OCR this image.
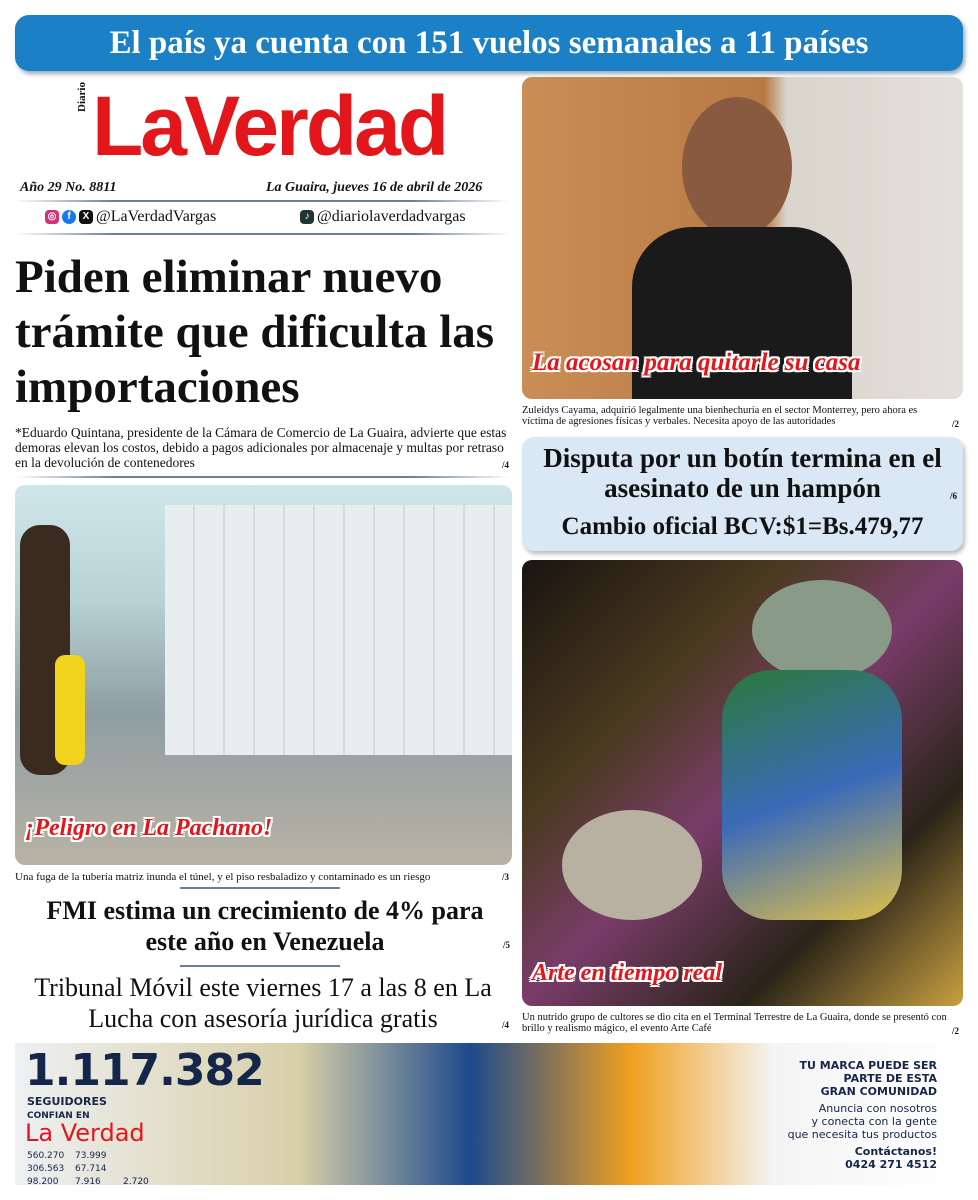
El país ya cuenta con 151 vuelos semanales a 11 países
Diario LaVerdad
Año 29 No. 8811	La Guaira, jueves 16 de abril de 2026
◎	f	X @LaVerdadVargas	♪ @diariolaverdadvargas
Piden eliminar nuevo trámite que dificulta las importaciones
*Eduardo Quintana, presidente de la Cámara de Comercio de La Guaira, advierte que estas demoras elevan los costos, debido a pagos adicionales por almacenaje y multas por retraso en la devolución de contenedores	/4
¡Peligro en La Pachano!
Una fuga de la tubería matriz inunda el túnel, y el piso resbaladizo y contaminado es un riesgo	/3
FMI estima un crecimiento de 4% para este año en Venezuela	/5
Tribunal Móvil este viernes 17 a las 8 en La Lucha con asesoría jurídica gratis	/4
La acosan para quitarle su casa
Zuleidys Cayama, adquirió legalmente una bienhechuría en el sector Monterrey, pero ahora es víctima de agresiones físicas y verbales. Necesita apoyo de las autoridades	/2
Disputa por un botín termina en el asesinato de un hampón	/6
Cambio oficial BCV:$1=Bs.479,77
Arte en tiempo real
Un nutrido grupo de cultores se dio cita en el Terminal Terrestre de La Guaira, donde se presentó con brillo y realismo mágico, el evento Arte Café	/2
1.117.382
SEGUIDORES
CONFIAN EN
La Verdad
560.270	73.999
306.563	67.714
98.200	7.916	2.720
TU MARCA PUEDE SER
PARTE DE ESTA
GRAN COMUNIDAD
Anuncia con nosotros
y conecta con la gente
que necesita tus productos
Contáctanos!
0424 271 4512
